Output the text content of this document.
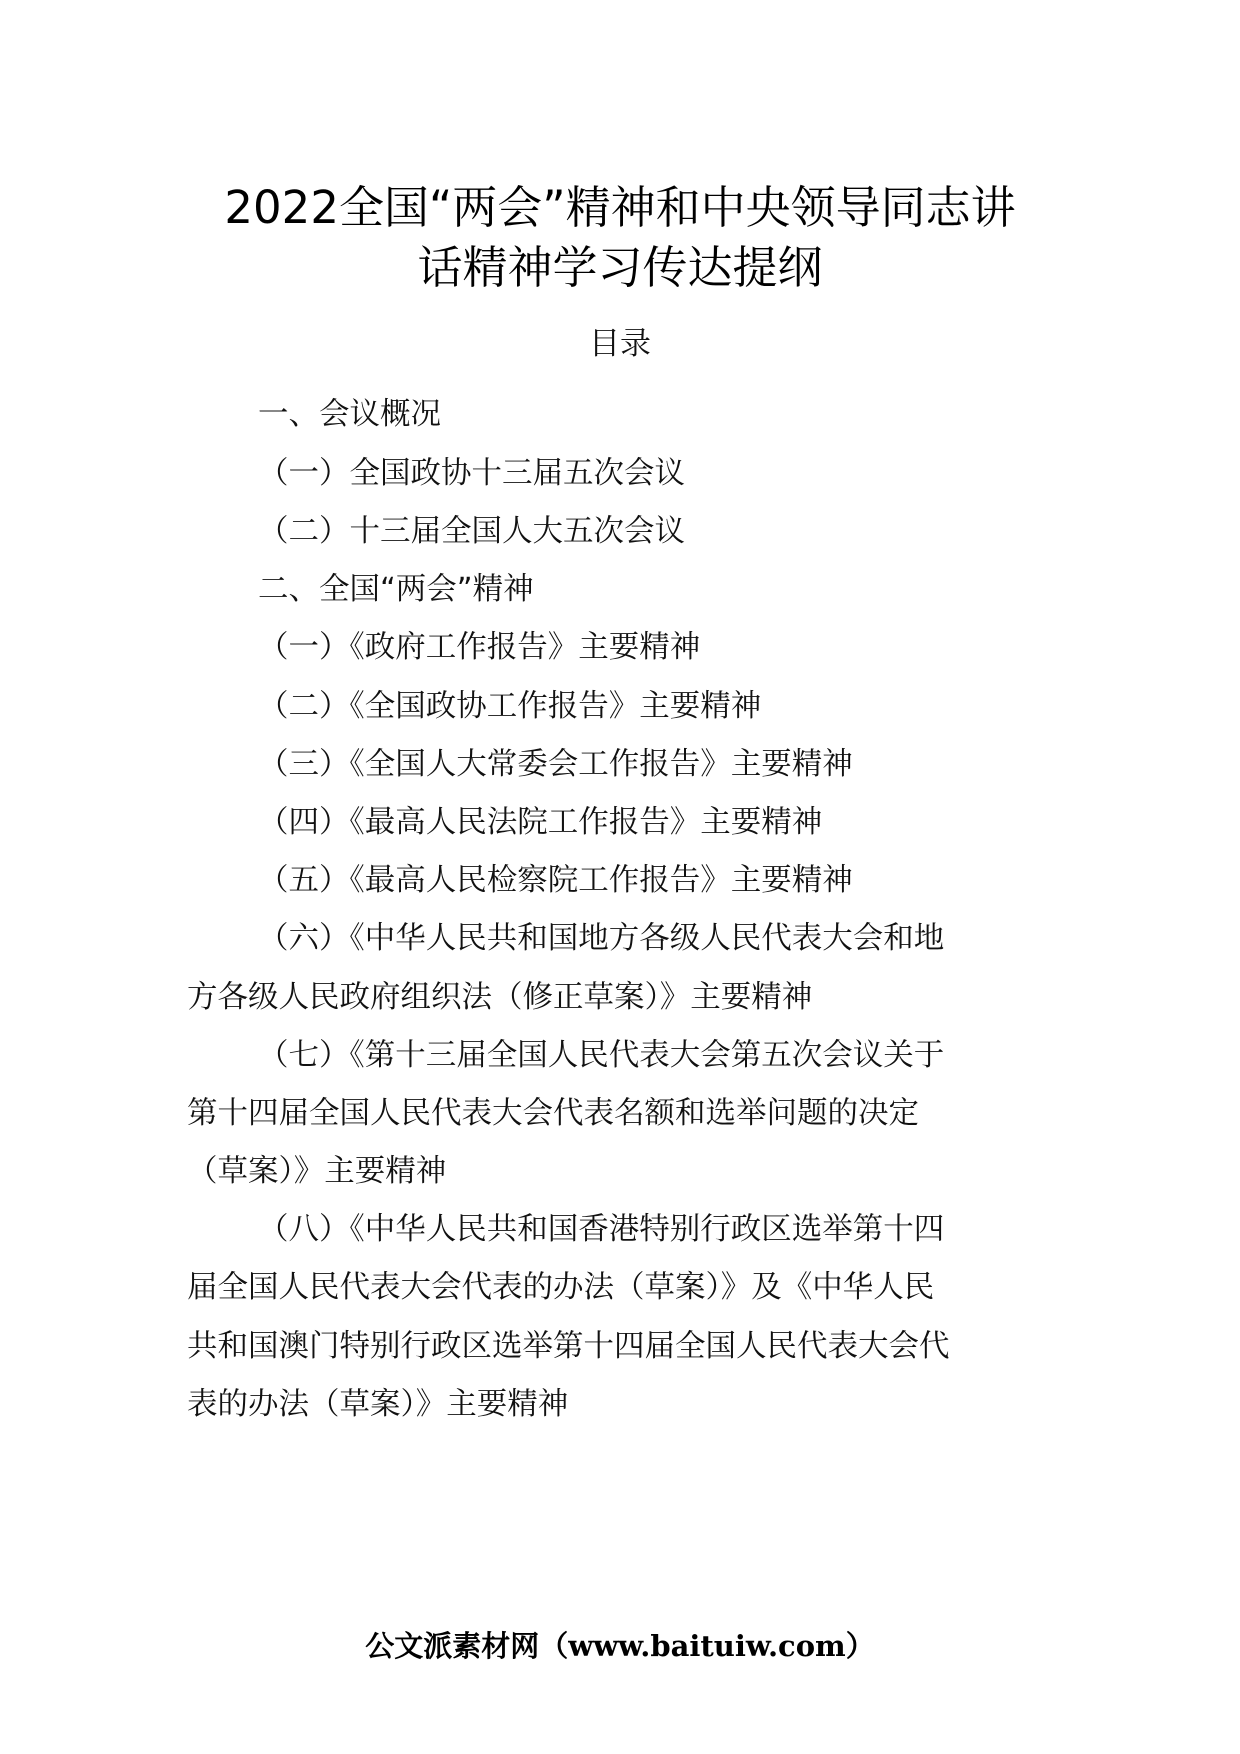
2022全国“两会”精神和中央领导同志讲
话精神学习传达提纲
目录
一、会议概况
（一）全国政协十三届五次会议
（二）十三届全国人大五次会议
二、全国“两会”精神
（一）《政府工作报告》主要精神
（二）《全国政协工作报告》主要精神
（三）《全国人大常委会工作报告》主要精神
（四）《最高人民法院工作报告》主要精神
（五）《最高人民检察院工作报告》主要精神
（六）《中华人民共和国地方各级人民代表大会和地
方各级人民政府组织法（修正草案）》主要精神
（七）《第十三届全国人民代表大会第五次会议关于
第十四届全国人民代表大会代表名额和选举问题的决定
（草案）》主要精神
（八）《中华人民共和国香港特别行政区选举第十四
届全国人民代表大会代表的办法（草案）》及《中华人民
共和国澳门特别行政区选举第十四届全国人民代表大会代
表的办法（草案）》主要精神
公文派素材网（www.baituiw.com）
